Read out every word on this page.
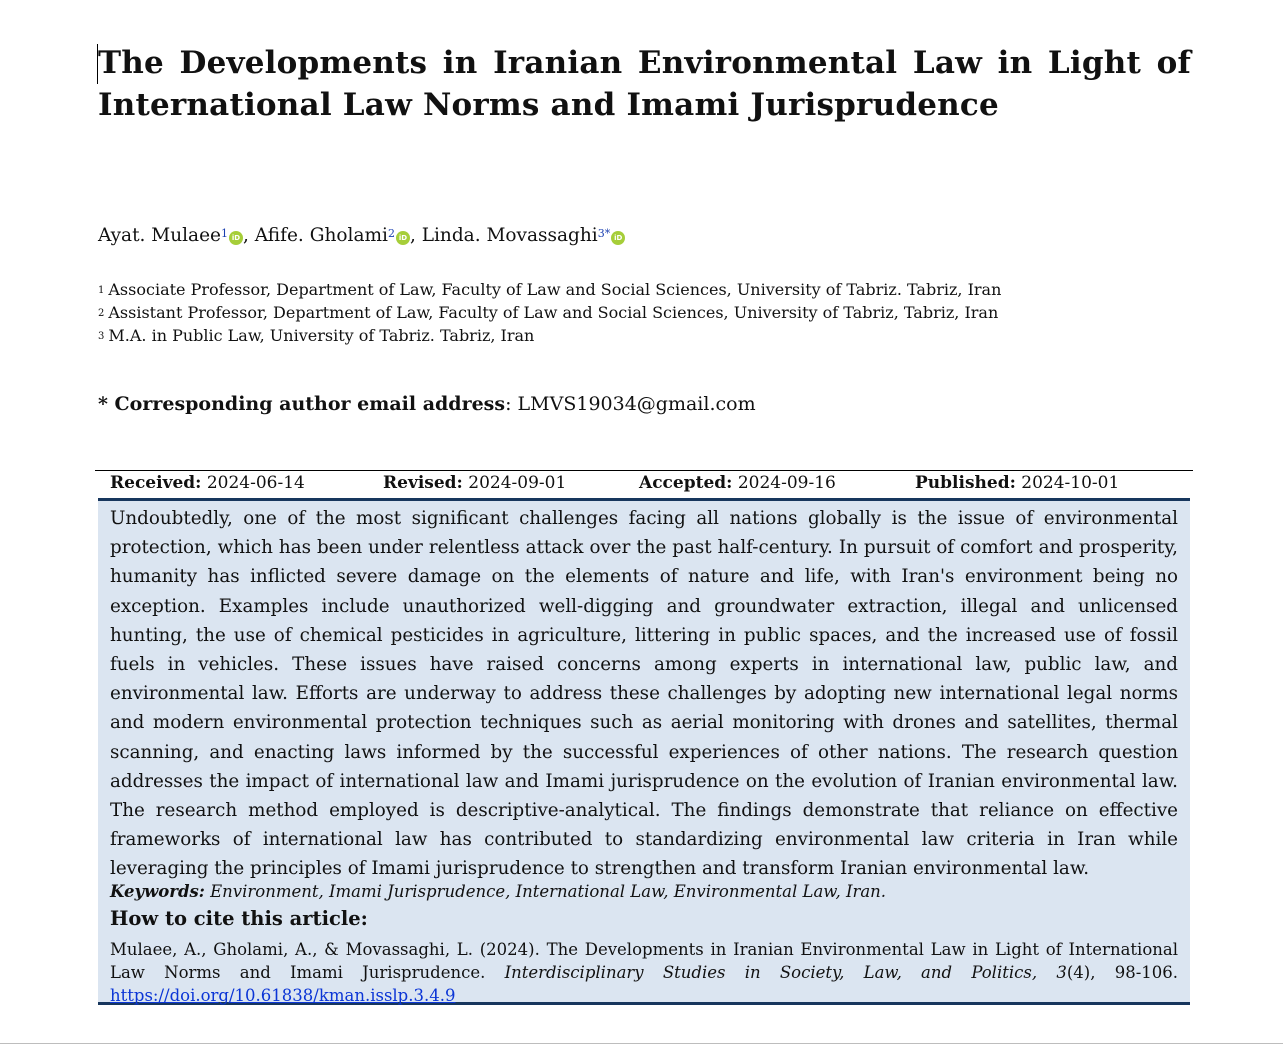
The Developments in Iranian Environmental Law in Light of International Law Norms and Imami Jurisprudence
Ayat. Mulaee$^1$ iD , Afife. Gholami$^2$ iD , Linda. Movassaghi$^{3*}$ iD
$^1$ Associate Professor, Department of Law, Faculty of Law and Social Sciences, University of Tabriz. Tabriz, Iran
$^2$ Assistant Professor, Department of Law, Faculty of Law and Social Sciences, University of Tabriz, Tabriz, Iran
$^3$ M.A. in Public Law, University of Tabriz. Tabriz, Iran
* Corresponding author email address: LMVS19034@gmail.com
Received: 2024-06-14	Revised: 2024-09-01	Accepted: 2024-09-16	Published: 2024-10-01

Undoubtedly, one of the most significant challenges facing all nations globally is the issue of environmental protection, which has been under relentless attack over the past half-century. In pursuit of comfort and prosperity, humanity has inflicted severe damage on the elements of nature and life, with Iran's environment being no exception. Examples include unauthorized well-digging and groundwater extraction, illegal and unlicensed hunting, the use of chemical pesticides in agriculture, littering in public spaces, and the increased use of fossil fuels in vehicles. These issues have raised concerns among experts in international law, public law, and environmental law. Efforts are underway to address these challenges by adopting new international legal norms and modern environmental protection techniques such as aerial monitoring with drones and satellites, thermal scanning, and enacting laws informed by the successful experiences of other nations. The research question addresses the impact of international law and Imami jurisprudence on the evolution of Iranian environmental law. The research method employed is descriptive-analytical. The findings demonstrate that reliance on effective frameworks of international law has contributed to standardizing environmental law criteria in Iran while leveraging the principles of Imami jurisprudence to strengthen and transform Iranian environmental law.

Keywords: Environment, Imami Jurisprudence, International Law, Environmental Law, Iran.
How to cite this article:

Mulaee, A., Gholami, A., & Movassaghi, L. (2024). The Developments in Iranian Environmental Law in Light of International Law Norms and Imami Jurisprudence. Interdisciplinary Studies in Society, Law, and Politics, 3(4), 98-106. https://doi.org/10.61838/kman.isslp.3.4.9
